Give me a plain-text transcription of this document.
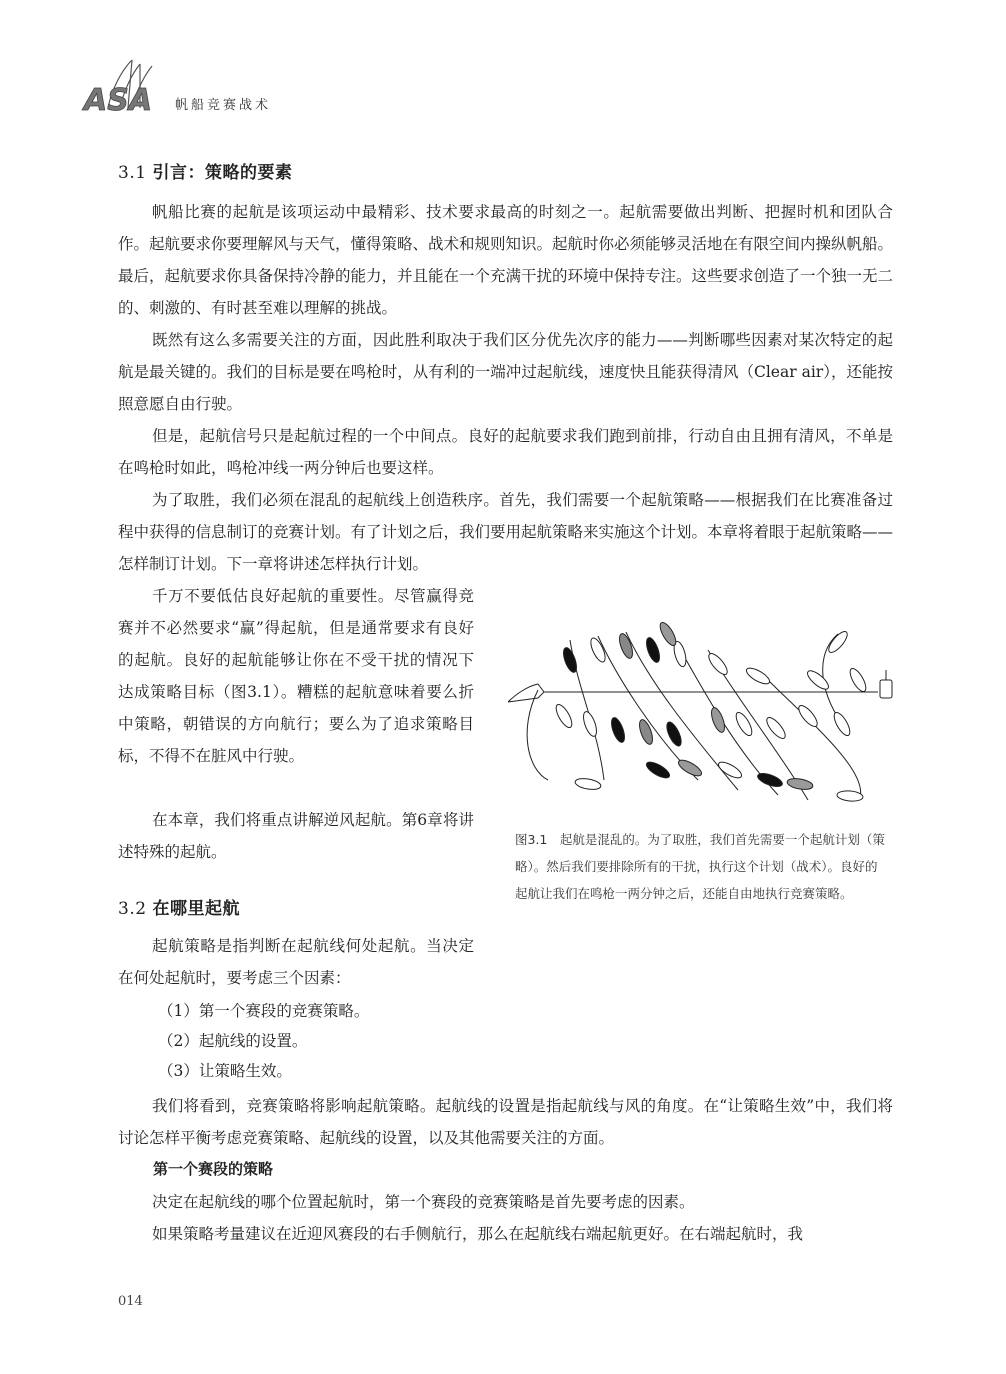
ASA 帆船竞赛战术
3.1 引言：策略的要素

帆船比赛的起航是该项运动中最精彩、技术要求最高的时刻之一。起航需要做出判断、把握时机和团队合作。起航要求你要理解风与天气，懂得策略、战术和规则知识。起航时你必须能够灵活地在有限空间内操纵帆船。最后，起航要求你具备保持冷静的能力，并且能在一个充满干扰的环境中保持专注。这些要求创造了一个独一无二的、刺激的、有时甚至难以理解的挑战。

既然有这么多需要关注的方面，因此胜利取决于我们区分优先次序的能力——判断哪些因素对某次特定的起航是最关键的。我们的目标是要在鸣枪时，从有利的一端冲过起航线，速度快且能获得清风（Clear air），还能按照意愿自由行驶。

但是，起航信号只是起航过程的一个中间点。良好的起航要求我们跑到前排，行动自由且拥有清风，不单是在鸣枪时如此，鸣枪冲线一两分钟后也要这样。

为了取胜，我们必须在混乱的起航线上创造秩序。首先，我们需要一个起航策略——根据我们在比赛准备过程中获得的信息制订的竞赛计划。有了计划之后，我们要用起航策略来实施这个计划。本章将着眼于起航策略——怎样制订计划。下一章将讲述怎样执行计划。

千万不要低估良好起航的重要性。尽管赢得竞赛并不必然要求“赢”得起航，但是通常要求有良好的起航。良好的起航能够让你在不受干扰的情况下达成策略目标（图3.1）。糟糕的起航意味着要么折中策略，朝错误的方向航行；要么为了追求策略目标，不得不在脏风中行驶。

在本章，我们将重点讲解逆风起航。第6章将讲述特殊的起航。

图3.1　起航是混乱的。为了取胜，我们首先需要一个起航计划（策略）。然后我们要排除所有的干扰，执行这个计划（战术）。良好的起航让我们在鸣枪一两分钟之后，还能自由地执行竞赛策略。
3.2 在哪里起航

起航策略是指判断在起航线何处起航。当决定在何处起航时，要考虑三个因素：

（1）第一个赛段的竞赛策略。
（2）起航线的设置。
（3）让策略生效。

我们将看到，竞赛策略将影响起航策略。起航线的设置是指起航线与风的角度。在“让策略生效”中，我们将讨论怎样平衡考虑竞赛策略、起航线的设置，以及其他需要关注的方面。

第一个赛段的策略

决定在起航线的哪个位置起航时，第一个赛段的竞赛策略是首先要考虑的因素。

如果策略考量建议在近迎风赛段的右手侧航行，那么在起航线右端起航更好。在右端起航时，我

014
